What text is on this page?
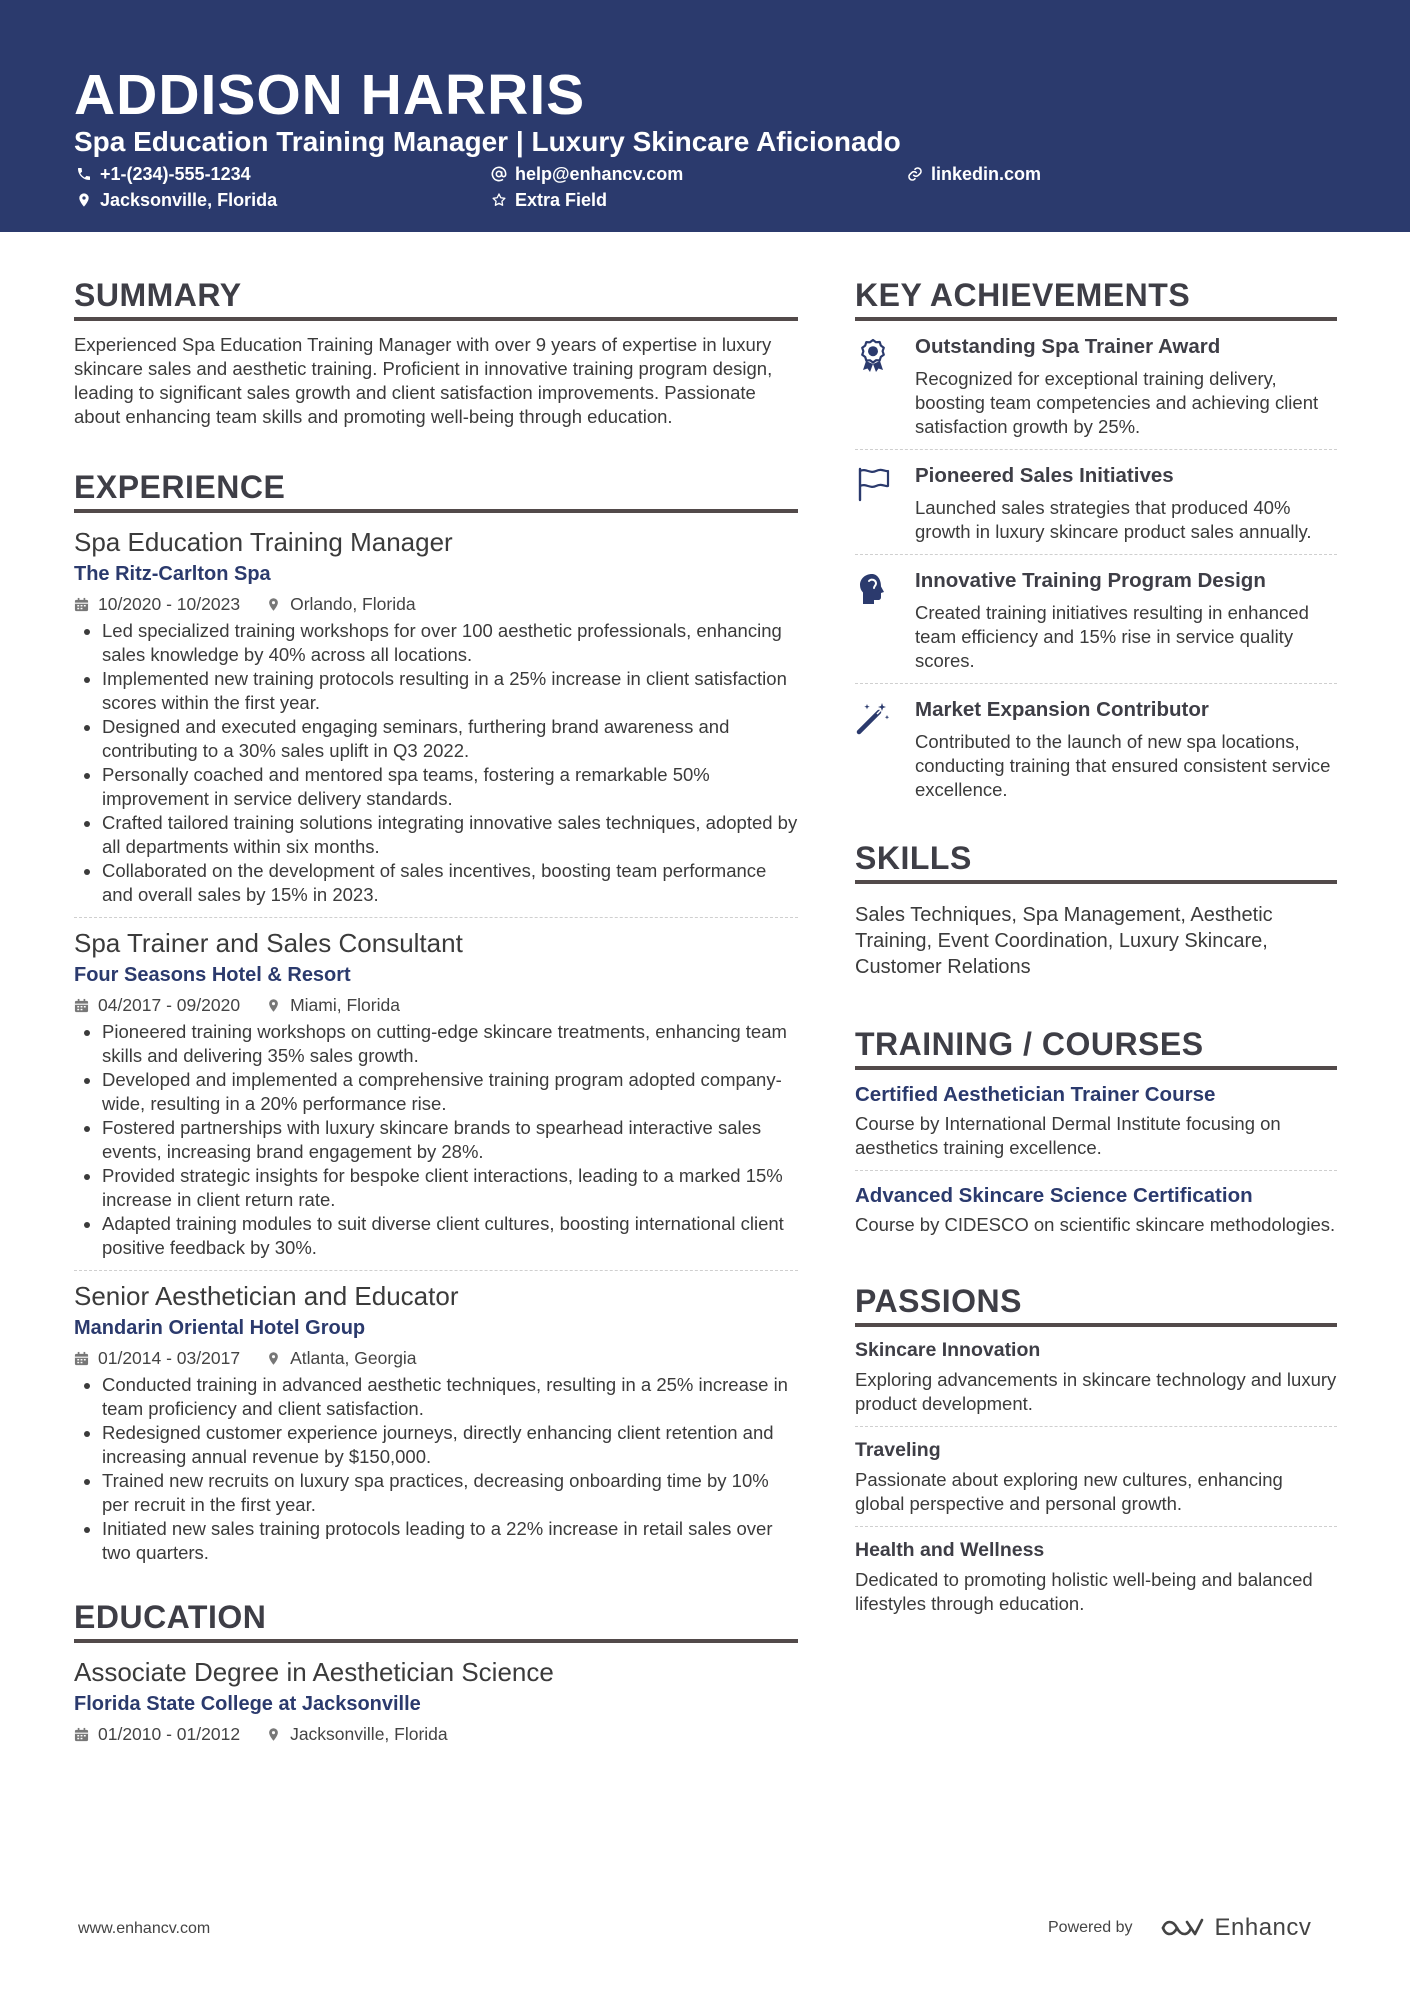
ADDISON HARRIS
Spa Education Training Manager | Luxury Skincare Aficionado
+1-(234)-555-1234	help@enhancv.com	linkedin.com
Jacksonville, Florida	Extra Field
SUMMARY
Experienced Spa Education Training Manager with over 9 years of expertise in luxury skincare sales and aesthetic training. Proficient in innovative training program design, leading to significant sales growth and client satisfaction improvements. Passionate about enhancing team skills and promoting well-being through education.
EXPERIENCE
Spa Education Training Manager
The Ritz-Carlton Spa
10/2020 - 10/2023	Orlando, Florida
• Led specialized training workshops for over 100 aesthetic professionals, enhancing sales knowledge by 40% across all locations.
• Implemented new training protocols resulting in a 25% increase in client satisfaction scores within the first year.
• Designed and executed engaging seminars, furthering brand awareness and contributing to a 30% sales uplift in Q3 2022.
• Personally coached and mentored spa teams, fostering a remarkable 50% improvement in service delivery standards.
• Crafted tailored training solutions integrating innovative sales techniques, adopted by all departments within six months.
• Collaborated on the development of sales incentives, boosting team performance and overall sales by 15% in 2023.
Spa Trainer and Sales Consultant
Four Seasons Hotel & Resort
04/2017 - 09/2020	Miami, Florida
• Pioneered training workshops on cutting-edge skincare treatments, enhancing team skills and delivering 35% sales growth.
• Developed and implemented a comprehensive training program adopted company-wide, resulting in a 20% performance rise.
• Fostered partnerships with luxury skincare brands to spearhead interactive sales events, increasing brand engagement by 28%.
• Provided strategic insights for bespoke client interactions, leading to a marked 15% increase in client return rate.
• Adapted training modules to suit diverse client cultures, boosting international client positive feedback by 30%.
Senior Aesthetician and Educator
Mandarin Oriental Hotel Group
01/2014 - 03/2017	Atlanta, Georgia
• Conducted training in advanced aesthetic techniques, resulting in a 25% increase in team proficiency and client satisfaction.
• Redesigned customer experience journeys, directly enhancing client retention and increasing annual revenue by $150,000.
• Trained new recruits on luxury spa practices, decreasing onboarding time by 10% per recruit in the first year.
• Initiated new sales training protocols leading to a 22% increase in retail sales over two quarters.
EDUCATION
Associate Degree in Aesthetician Science
Florida State College at Jacksonville
01/2010 - 01/2012	Jacksonville, Florida
KEY ACHIEVEMENTS
Outstanding Spa Trainer Award
Recognized for exceptional training delivery, boosting team competencies and achieving client satisfaction growth by 25%.
Pioneered Sales Initiatives
Launched sales strategies that produced 40% growth in luxury skincare product sales annually.
Innovative Training Program Design
Created training initiatives resulting in enhanced team efficiency and 15% rise in service quality scores.
Market Expansion Contributor
Contributed to the launch of new spa locations, conducting training that ensured consistent service excellence.
SKILLS
Sales Techniques, Spa Management, Aesthetic Training, Event Coordination, Luxury Skincare, Customer Relations
TRAINING / COURSES
Certified Aesthetician Trainer Course
Course by International Dermal Institute focusing on aesthetics training excellence.
Advanced Skincare Science Certification
Course by CIDESCO on scientific skincare methodologies.
PASSIONS
Skincare Innovation
Exploring advancements in skincare technology and luxury product development.
Traveling
Passionate about exploring new cultures, enhancing global perspective and personal growth.
Health and Wellness
Dedicated to promoting holistic well-being and balanced lifestyles through education.
www.enhancv.com	Powered by	Enhancv
